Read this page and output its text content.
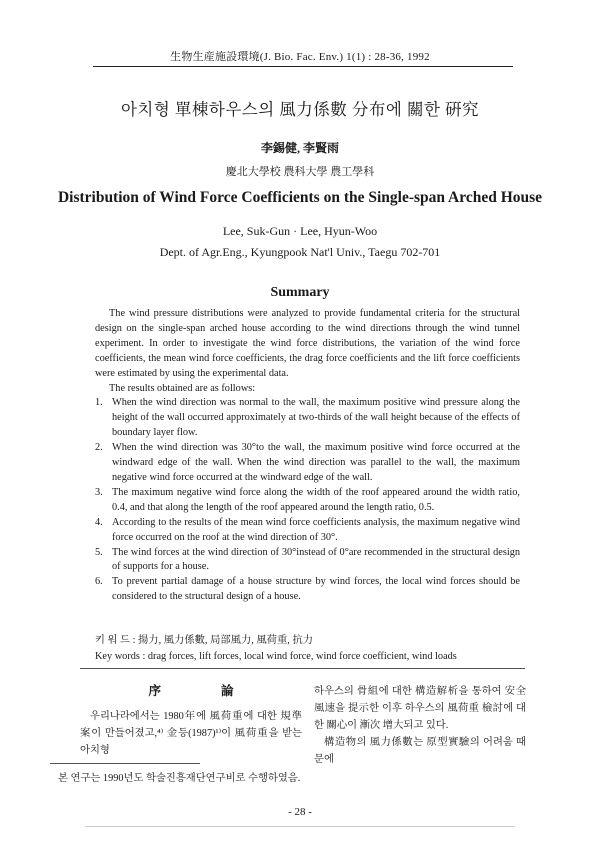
生物生産施設環境(J. Bio. Fac. Env.) 1(1) : 28-36, 1992
아치형 單棟하우스의 風力係數 分布에 關한 硏究
李錫健, 李賢雨
慶北大學校 農科大學 農工學科
Distribution of Wind Force Coefficients on the Single-span Arched House
Lee, Suk-Gun · Lee, Hyun-Woo
Dept. of Agr.Eng., Kyungpook Nat'l Univ., Taegu 702-701
Summary

The wind pressure distributions were analyzed to provide fundamental criteria for the structural design on the single-span arched house according to the wind directions through the wind tunnel experiment. In order to investigate the wind force distributions, the variation of the wind force coefficients, the mean wind force coefficients, the drag force coefficients and the lift force coefficients were estimated by using the experimental data.

The results obtained are as follows:
1. When the wind direction was normal to the wall, the maximum positive wind pressure along the height of the wall occurred approximately at two-thirds of the wall height because of the effects of boundary layer flow.
2. When the wind direction was 30°to the wall, the maximum positive wind force occurred at the windward edge of the wall. When the wind direction was parallel to the wall, the maximum negative wind force occurred at the windward edge of the wall.
3. The maximum negative wind force along the width of the roof appeared around the width ratio, 0.4, and that along the length of the roof appeared around the length ratio, 0.5.
4. According to the results of the mean wind force coefficients analysis, the maximum negative wind force occurred on the roof at the wind direction of 30°.
5. The wind forces at the wind direction of 30°instead of 0°are recommended in the structural design of supports for a house.
6. To prevent partial damage of a house structure by wind forces, the local wind forces should be considered to the structural design of a house.
키 워 드 : 揚力, 風力係數, 局部風力, 風荷重, 抗力
Key words : drag forces, lift forces, local wind force, wind force coefficient, wind loads
序論

우리나라에서는 1980年에 風荷重에 대한 規準案이 만들어졌고,⁴⁾ 金등(1987)¹⁾이 風荷重을 받는 아치형

하우스의 骨組에 대한 構造解析을 통하여 安全風速을 提示한 이후 하우스의 風荷重 檢討에 대한 關心이 漸次 增大되고 있다.

構造物의 風力係數는 原型實驗의 어려움 때문에

본 연구는 1990년도 학술진흥재단연구비로 수행하였음.
- 28 -
